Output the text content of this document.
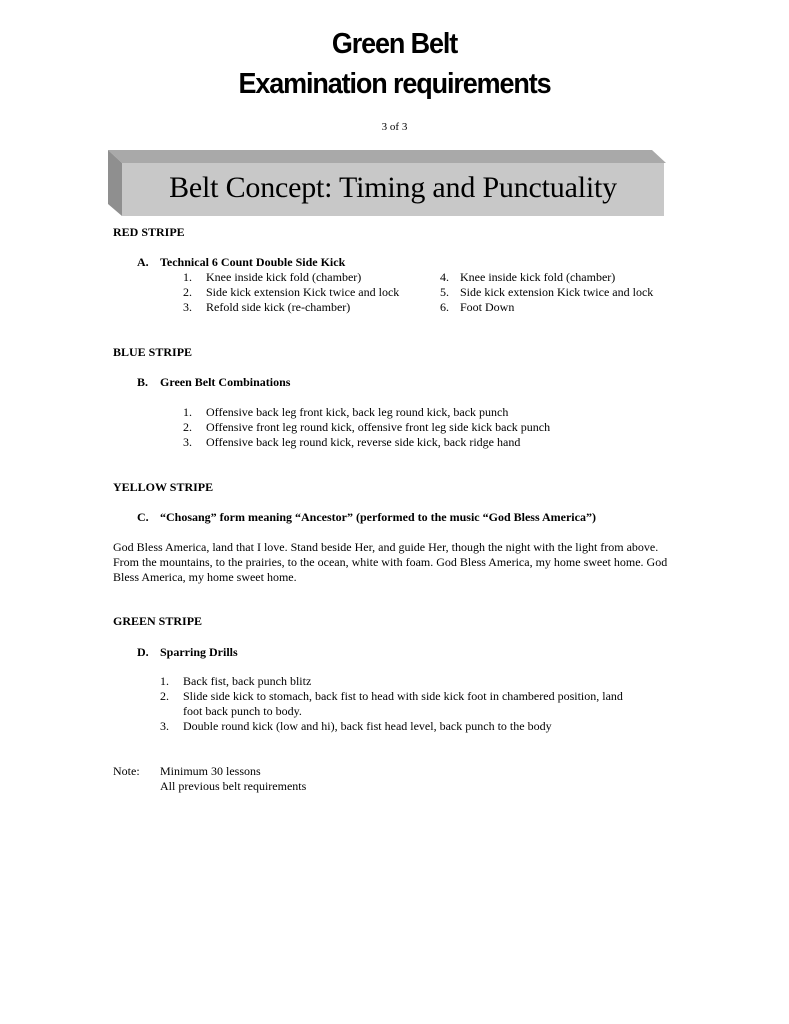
Green Belt
Examination requirements
3 of 3
Belt Concept: Timing and Punctuality
RED STRIPE
A. Technical 6 Count Double Side Kick
1. Knee inside kick fold (chamber)
2. Side kick extension Kick twice and lock
3. Refold side kick (re-chamber)
4. Knee inside kick fold (chamber)
5. Side kick extension Kick twice and lock
6. Foot Down
BLUE STRIPE
B. Green Belt Combinations
1. Offensive back leg front kick, back leg round kick, back punch
2. Offensive front leg round kick, offensive front leg side kick back punch
3. Offensive back leg round kick, reverse side kick, back ridge hand
YELLOW STRIPE
C. “Chosang” form meaning “Ancestor” (performed to the music “God Bless America”)
God Bless America, land that I love. Stand beside Her, and guide Her, though the night with the light from above. From the mountains, to the prairies, to the ocean, white with foam. God Bless America, my home sweet home. God Bless America, my home sweet home.
GREEN STRIPE
D. Sparring Drills
1. Back fist, back punch blitz
2. Slide side kick to stomach, back fist to head with side kick foot in chambered position, land
foot back punch to body.
3. Double round kick (low and hi), back fist head level, back punch to the body
Note: Minimum 30 lessons
All previous belt requirements
